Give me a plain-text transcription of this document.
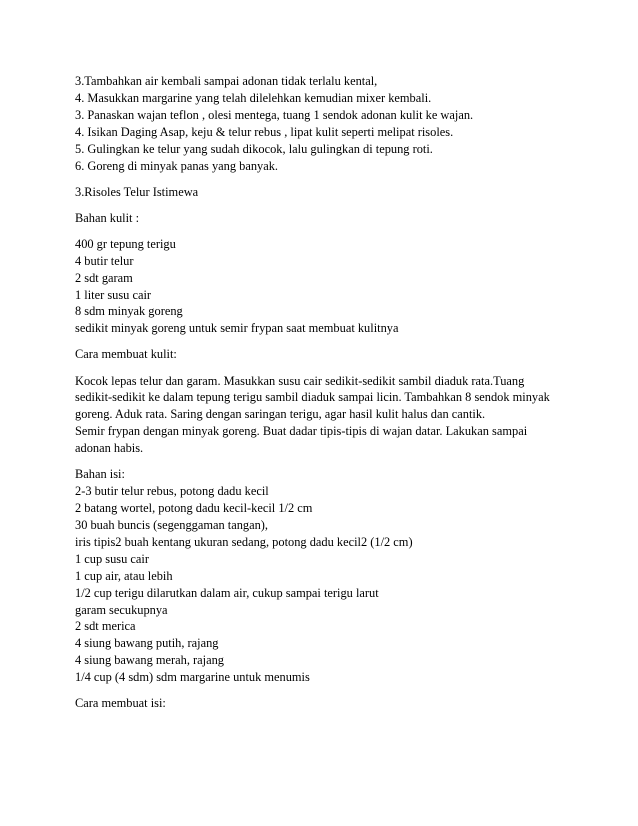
3.Tambahkan air kembali sampai adonan tidak terlalu kental,
4. Masukkan margarine yang telah dilelehkan kemudian mixer kembali.
3. Panaskan wajan teflon , olesi mentega, tuang 1 sendok adonan kulit ke wajan.
4. Isikan Daging Asap, keju & telur rebus , lipat kulit seperti melipat risoles.
5. Gulingkan ke telur yang sudah dikocok, lalu gulingkan di tepung roti.
6. Goreng di minyak panas yang banyak.
3.Risoles Telur Istimewa
Bahan kulit :
400 gr tepung terigu
4 butir telur
2 sdt garam
1 liter susu cair
8 sdm minyak goreng
sedikit minyak goreng untuk semir frypan saat membuat kulitnya
Cara membuat kulit:
Kocok lepas telur dan garam. Masukkan susu cair sedikit-sedikit sambil diaduk rata.Tuang
sedikit-sedikit ke dalam tepung terigu sambil diaduk sampai licin. Tambahkan 8 sendok minyak
goreng. Aduk rata. Saring dengan saringan terigu, agar hasil kulit halus dan cantik.
Semir frypan dengan minyak goreng. Buat dadar tipis-tipis di wajan datar. Lakukan sampai
adonan habis.
Bahan isi:
2-3 butir telur rebus, potong dadu kecil
2 batang wortel, potong dadu kecil-kecil 1/2 cm
30 buah buncis (segenggaman tangan),
iris tipis2 buah kentang ukuran sedang, potong dadu kecil2 (1/2 cm)
1 cup susu cair
1 cup air, atau lebih
1/2 cup terigu dilarutkan dalam air, cukup sampai terigu larut
garam secukupnya
2 sdt merica
4 siung bawang putih, rajang
4 siung bawang merah, rajang
1/4 cup (4 sdm) sdm margarine untuk menumis
Cara membuat isi:
